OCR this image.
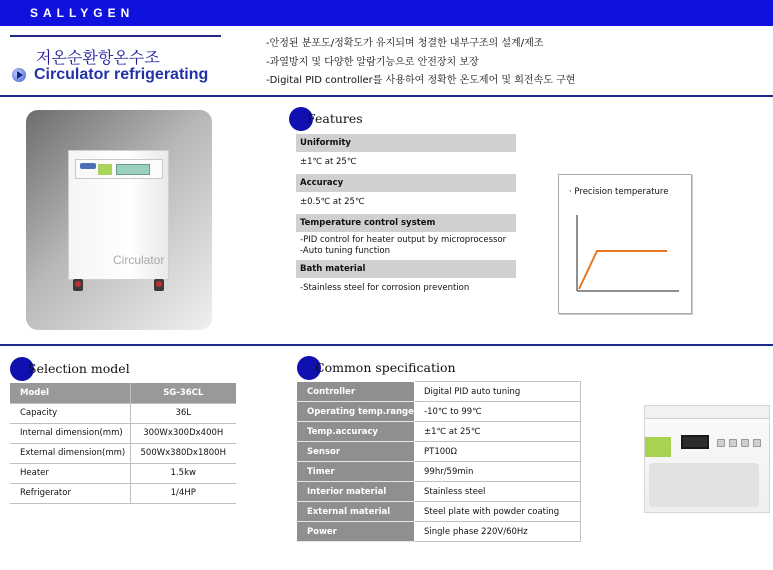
SALLYGEN
저온순환항온수조
Circulator refrigerating
-안정된 분포도/정확도가 유지되며 청결한 내부구조의 설계/제조
-과열방지 및 다양한 알람기능으로 안전장치 보장
-Digital PID controller를 사용하여 정확한 온도제어 및 회전속도 구현
Circulator
Features
Uniformity
±1℃ at 25℃
Accuracy
±0.5℃ at 25℃
Temperature control system
-PID control for heater output by microprocessor
-Auto tuning function
Bath material
-Stainless steel for corrosion prevention
· Precision temperature
Selection model
Model	SG-36CL
Capacity	36L
Internal dimension(mm)	300Wx300Dx400H
External dimension(mm)	500Wx380Dx1800H
Heater	1.5kw
Refrigerator	1/4HP
Common specification
Controller	Digital PID auto tuning
Operating temp.range	-10℃ to 99℃
Temp.accuracy	±1℃ at 25℃
Sensor	PT100Ω
Timer	99hr/59min
Interior material	Stainless steel
External material	Steel plate with powder coating
Power	Single phase 220V/60Hz
